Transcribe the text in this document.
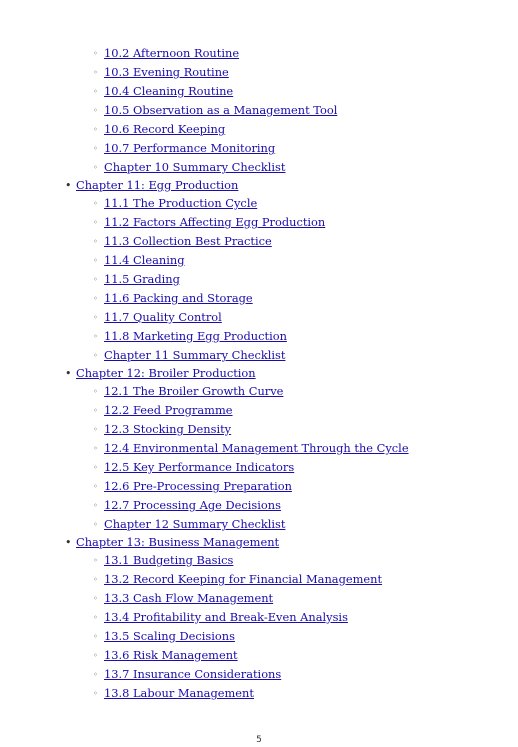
◦ 10.2 Afternoon Routine
◦ 10.3 Evening Routine
◦ 10.4 Cleaning Routine
◦ 10.5 Observation as a Management Tool
◦ 10.6 Record Keeping
◦ 10.7 Performance Monitoring
◦ Chapter 10 Summary Checklist
• Chapter 11: Egg Production
◦ 11.1 The Production Cycle
◦ 11.2 Factors Affecting Egg Production
◦ 11.3 Collection Best Practice
◦ 11.4 Cleaning
◦ 11.5 Grading
◦ 11.6 Packing and Storage
◦ 11.7 Quality Control
◦ 11.8 Marketing Egg Production
◦ Chapter 11 Summary Checklist
• Chapter 12: Broiler Production
◦ 12.1 The Broiler Growth Curve
◦ 12.2 Feed Programme
◦ 12.3 Stocking Density
◦ 12.4 Environmental Management Through the Cycle
◦ 12.5 Key Performance Indicators
◦ 12.6 Pre-Processing Preparation
◦ 12.7 Processing Age Decisions
◦ Chapter 12 Summary Checklist
• Chapter 13: Business Management
◦ 13.1 Budgeting Basics
◦ 13.2 Record Keeping for Financial Management
◦ 13.3 Cash Flow Management
◦ 13.4 Profitability and Break-Even Analysis
◦ 13.5 Scaling Decisions
◦ 13.6 Risk Management
◦ 13.7 Insurance Considerations
◦ 13.8 Labour Management
5
